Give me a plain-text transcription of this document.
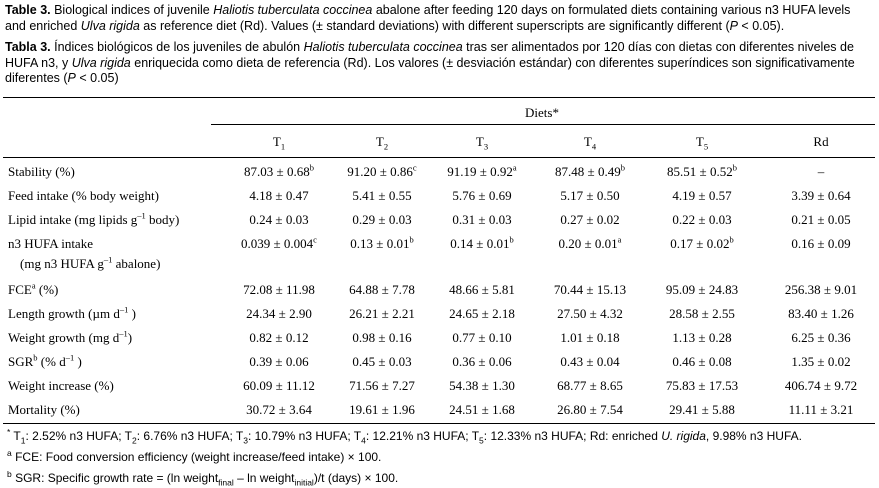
Table 3. Biological indices of juvenile Haliotis tuberculata coccinea abalone after feeding 120 days on formulated diets containing various n3 HUFA levels and enriched Ulva rigida as reference diet (Rd). Values (± standard deviations) with different superscripts are significantly different (P < 0.05).
Tabla 3. Índices biológicos de los juveniles de abulón Haliotis tuberculata coccinea tras ser alimentados por 120 días con dietas con diferentes niveles de HUFA n3, y Ulva rigida enriquecida como dieta de referencia (Rd). Los valores (± desviación estándar) con diferentes superíndices son significativamente diferentes (P < 0.05)
Diets*
$T_1$	$T_2$	$T_3$	$T_4$	$T_5$	Rd
Stability (%)	87.03 ± 0.68$^b$	91.20 ± 0.86$^c$ 91.19 ± 0.92$^a$	87.48 ± 0.49$^b$	85.51 ± 0.52$^b$	–
Feed intake (% body weight)	4.18 ± 0.47	5.41 ± 0.55	5.76 ± 0.69	5.17 ± 0.50	4.19 ± 0.57	3.39 ± 0.64
Lipid intake (mg lipids $g^{-1}$ body)	0.24 ± 0.03	0.29 ± 0.03	0.31 ± 0.03	0.27 ± 0.02	0.22 ± 0.03	0.21 ± 0.05
n3 HUFA intake
(mg n3 HUFA $g^{-1}$ abalone)
0.039 ± 0.004$^c$	0.13 ± 0.01$^b$	0.14 ± 0.01$^b$	0.20 ± 0.01$^a$	0.17 ± 0.02$^b$	0.16 ± 0.09
FCE$^a$ (%)	72.08 ± 11.98	64.88 ± 7.78	48.66 ± 5.81	70.44 ± 15.13	95.09 ± 24.83	256.38 ± 9.01
Length growth (µm $d^{-1}$ )	24.34 ± 2.90	26.21 ± 2.21	24.65 ± 2.18	27.50 ± 4.32	28.58 ± 2.55	83.40 ± 1.26
Weight growth (mg $d^{-1}$)	0.82 ± 0.12	0.98 ± 0.16	0.77 ± 0.10	1.01 ± 0.18	1.13 ± 0.28	6.25 ± 0.36
SGR$^b$ (% $d^{-1}$ )	0.39 ± 0.06	0.45 ± 0.03	0.36 ± 0.06	0.43 ± 0.04	0.46 ± 0.08	1.35 ± 0.02
Weight increase (%)	60.09 ± 11.12	71.56 ± 7.27	54.38 ± 1.30	68.77 ± 8.65	75.83 ± 17.53	406.74 ± 9.72
Mortality (%)	30.72 ± 3.64	19.61 ± 1.96	24.51 ± 1.68	26.80 ± 7.54	29.41 ± 5.88	11.11 ± 3.21
* $T_1$: 2.52% n3 HUFA; $T_2$: 6.76% n3 HUFA; $T_3$: 10.79% n3 HUFA; $T_4$: 12.21% n3 HUFA; $T_5$: 12.33% n3 HUFA; Rd: enriched U. rigida, 9.98% n3 HUFA.
$^a$ FCE: Food conversion efficiency (weight increase/feed intake) × 100.
$^b$ SGR: Specific growth rate = (ln weight$_{final}$ – ln weight$_{initial}$)/t (days) × 100.
